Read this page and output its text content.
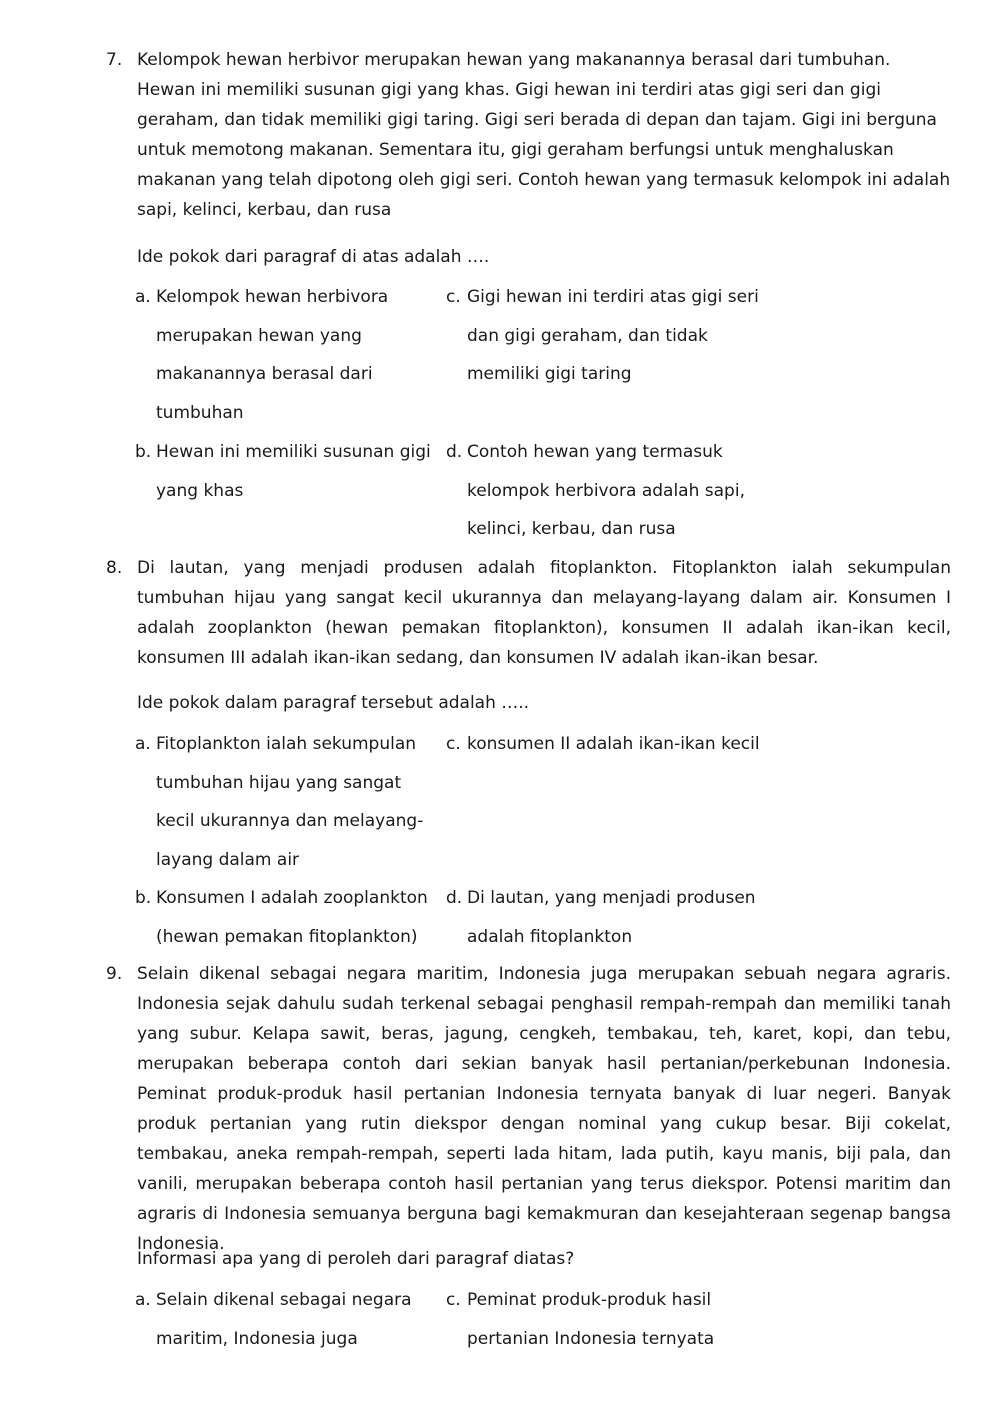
7. Kelompok hewan herbivor merupakan hewan yang makanannya berasal dari tumbuhan. Hewan ini memiliki susunan gigi yang khas. Gigi hewan ini terdiri atas gigi seri dan gigi geraham, dan tidak memiliki gigi taring. Gigi seri berada di depan dan tajam. Gigi ini berguna untuk memotong makanan. Sementara itu, gigi geraham berfungsi untuk menghaluskan makanan yang telah dipotong oleh gigi seri. Contoh hewan yang termasuk kelompok ini adalah sapi, kelinci, kerbau, dan rusa

Ide pokok dari paragraf di atas adalah ….

a. Kelompok hewan herbivora merupakan hewan yang makanannya berasal dari tumbuhan
b. Hewan ini memiliki susunan gigi yang khas
c. Gigi hewan ini terdiri atas gigi seri dan gigi geraham, dan tidak memiliki gigi taring
d. Contoh hewan yang termasuk kelompok herbivora adalah sapi, kelinci, kerbau, dan rusa
8. Di lautan, yang menjadi produsen adalah fitoplankton. Fitoplankton ialah sekumpulan tumbuhan hijau yang sangat kecil ukurannya dan melayang-layang dalam air. Konsumen I adalah zooplankton (hewan pemakan fitoplankton), konsumen II adalah ikan-ikan kecil, konsumen III adalah ikan-ikan sedang, dan konsumen IV adalah ikan-ikan besar.

Ide pokok dalam paragraf tersebut adalah …..

a. Fitoplankton ialah sekumpulan tumbuhan hijau yang sangat kecil ukurannya dan melayang-layang dalam air
b. Konsumen I adalah zooplankton (hewan pemakan fitoplankton)
c. konsumen II adalah ikan-ikan kecil
d. Di lautan, yang menjadi produsen adalah fitoplankton
9. Selain dikenal sebagai negara maritim, Indonesia juga merupakan sebuah negara agraris. Indonesia sejak dahulu sudah terkenal sebagai penghasil rempah-rempah dan memiliki tanah yang subur. Kelapa sawit, beras, jagung, cengkeh, tembakau, teh, karet, kopi, dan tebu, merupakan beberapa contoh dari sekian banyak hasil pertanian/perkebunan Indonesia. Peminat produk-produk hasil pertanian Indonesia ternyata banyak di luar negeri. Banyak produk pertanian yang rutin diekspor dengan nominal yang cukup besar. Biji cokelat, tembakau, aneka rempah-rempah, seperti lada hitam, lada putih, kayu manis, biji pala, dan vanili, merupakan beberapa contoh hasil pertanian yang terus diekspor. Potensi maritim dan agraris di Indonesia semuanya berguna bagi kemakmuran dan kesejahteraan segenap bangsa Indonesia.

Informasi apa yang di peroleh dari paragraf diatas?

a. Selain dikenal sebagai negara maritim, Indonesia juga
c. Peminat produk-produk hasil pertanian Indonesia ternyata
